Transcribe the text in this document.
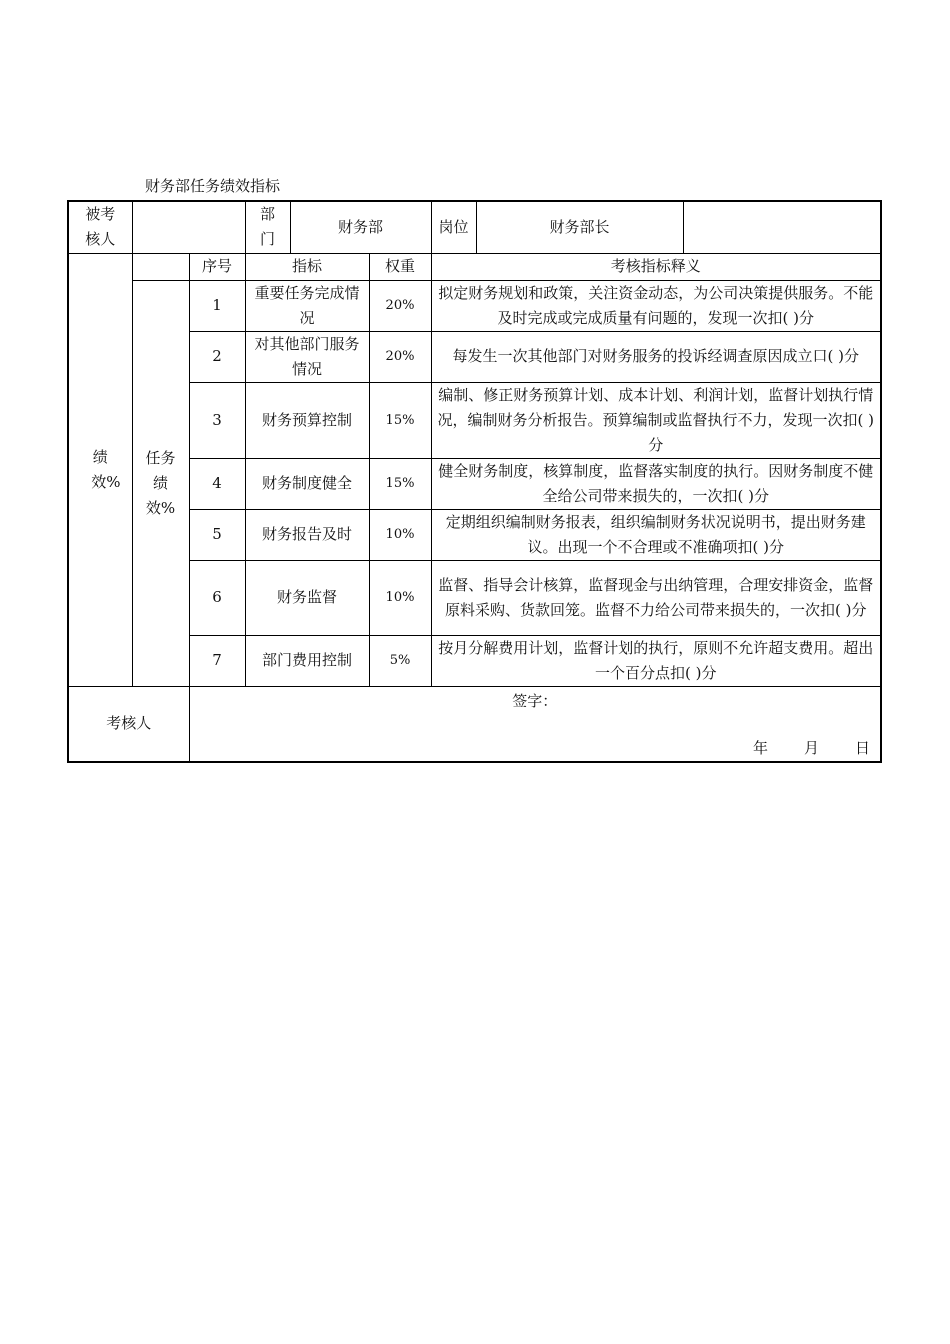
财务部任务绩效指标
被考核人			部门	财务部		岗位	财务部长	
绩效%		序号	指标		权重	考核指标释义		
	任务绩效%	1	重要任务完成情况		20%	拟定财务规划和政策，关注资金动态，为公司决策提供服务。不能及时完成或完成质量有问题的，发现一次扣( )分		
		2	对其他部门服务情况		20%	每发生一次其他部门对财务服务的投诉经调查原因成立口( )分		
		3	财务预算控制		15%	编制、修正财务预算计划、成本计划、利润计划，监督计划执行情况，编制财务分析报告。预算编制或监督执行不力，发现一次扣( )分		
		4	财务制度健全		15%	健全财务制度，核算制度，监督落实制度的执行。因财务制度不健全给公司带来损失的，一次扣( )分		
		5	财务报告及时		10%	定期组织编制财务报表，组织编制财务状况说明书，提出财务建议。出现一个不合理或不准确项扣( )分		
		6	财务监督		10%	监督、指导会计核算，监督现金与出纳管理，合理安排资金，监督原料采购、货款回笼。监督不力给公司带来损失的，一次扣( )分		
		7	部门费用控制		5%	按月分解费用计划，监督计划的执行，原则不允许超支费用。超出一个百分点扣( )分		
考核人		签字：
年 月 日						
